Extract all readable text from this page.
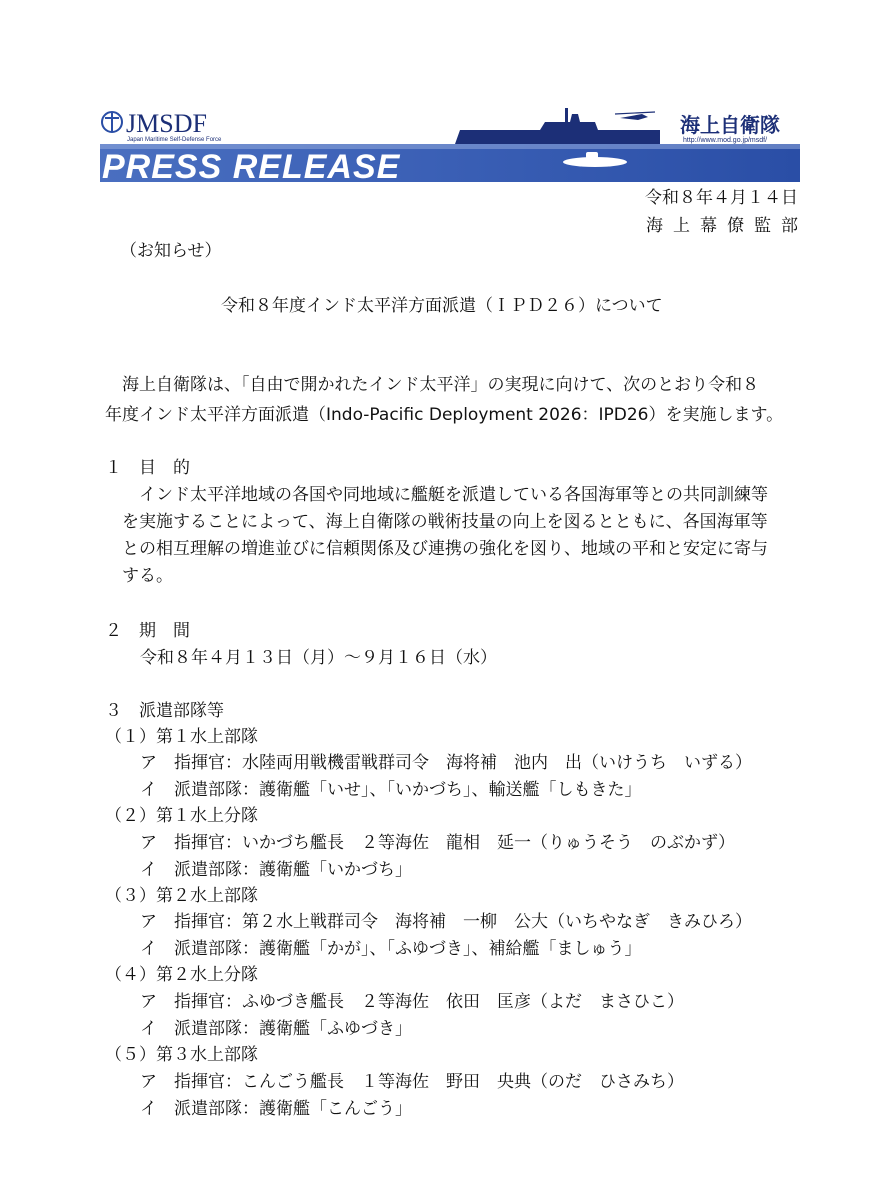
JMSDF
Japan Maritime Self-Defense Force
PRESS RELEASE
海上自衛隊
http://www.mod.go.jp/msdf/
令和８年４月１４日
海上幕僚監部
（お知らせ）
令和８年度インド太平洋方面派遣（ＩＰＤ２６）について
　海上自衛隊は、「自由で開かれたインド太平洋」の実現に向けて、次のとおり令和８
年度インド太平洋方面派遣（Indo-Pacific Deployment 2026：IPD26）を実施します。
１　目　的
　インド太平洋地域の各国や同地域に艦艇を派遣している各国海軍等との共同訓練等
を実施することによって、海上自衛隊の戦術技量の向上を図るとともに、各国海軍等
との相互理解の増進並びに信頼関係及び連携の強化を図り、地域の平和と安定に寄与
する。
２　期　間
令和８年４月１３日（月）～９月１６日（水）
３　派遣部隊等
（１）第１水上部隊
ア　指揮官：水陸両用戦機雷戦群司令　海将補　池内　出（いけうち　いずる）
イ　派遣部隊：護衛艦「いせ」、「いかづち」、輸送艦「しもきた」
（２）第１水上分隊
ア　指揮官：いかづち艦長　２等海佐　龍相　延一（りゅうそう　のぶかず）
イ　派遣部隊：護衛艦「いかづち」
（３）第２水上部隊
ア　指揮官：第２水上戦群司令　海将補　一柳　公大（いちやなぎ　きみひろ）
イ　派遣部隊：護衛艦「かが」、「ふゆづき」、補給艦「ましゅう」
（４）第２水上分隊
ア　指揮官：ふゆづき艦長　２等海佐　依田　匡彦（よだ　まさひこ）
イ　派遣部隊：護衛艦「ふゆづき」
（５）第３水上部隊
ア　指揮官：こんごう艦長　１等海佐　野田　央典（のだ　ひさみち）
イ　派遣部隊：護衛艦「こんごう」
